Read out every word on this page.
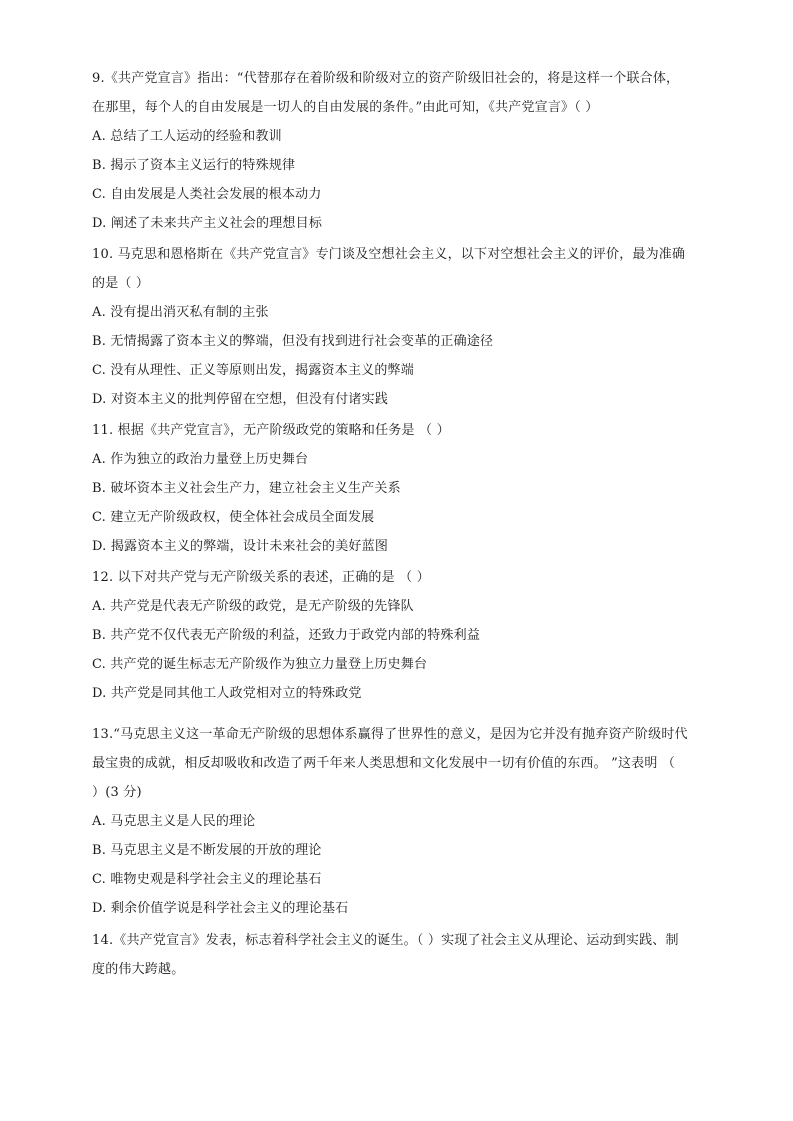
9.《共产党宣言》指出：“代替那存在着阶级和阶级对立的资产阶级旧社会的，将是这样一个联合体，
在那里，每个人的自由发展是一切人的自由发展的条件。”由此可知，《共产党宣言》（ ）
A. 总结了工人运动的经验和教训
B. 揭示了资本主义运行的特殊规律
C. 自由发展是人类社会发展的根本动力
D. 阐述了未来共产主义社会的理想目标
10. 马克思和恩格斯在《共产党宣言》专门谈及空想社会主义，以下对空想社会主义的评价，最为准确
的是（ ）
A. 没有提出消灭私有制的主张
B. 无情揭露了资本主义的弊端，但没有找到进行社会变革的正确途径
C. 没有从理性、正义等原则出发，揭露资本主义的弊端
D. 对资本主义的批判停留在空想，但没有付诸实践
11. 根据《共产党宣言》，无产阶级政党的策略和任务是 （ ）
A. 作为独立的政治力量登上历史舞台
B. 破坏资本主义社会生产力，建立社会主义生产关系
C. 建立无产阶级政权，使全体社会成员全面发展
D. 揭露资本主义的弊端，设计未来社会的美好蓝图
12. 以下对共产党与无产阶级关系的表述，正确的是 （ ）
A. 共产党是代表无产阶级的政党，是无产阶级的先锋队
B. 共产党不仅代表无产阶级的利益，还致力于政党内部的特殊利益
C. 共产党的诞生标志无产阶级作为独立力量登上历史舞台
D. 共产党是同其他工人政党相对立的特殊政党
13.“马克思主义这一革命无产阶级的思想体系赢得了世界性的意义，是因为它并没有抛弃资产阶级时代
最宝贵的成就，相反却吸收和改造了两千年来人类思想和文化发展中一切有价值的东西。 ”这表明 （
）(3 分)
A. 马克思主义是人民的理论
B. 马克思主义是不断发展的开放的理论
C. 唯物史观是科学社会主义的理论基石
D. 剩余价值学说是科学社会主义的理论基石
14.《共产党宣言》发表，标志着科学社会主义的诞生。（ ）实现了社会主义从理论、运动到实践、制
度的伟大跨越。
